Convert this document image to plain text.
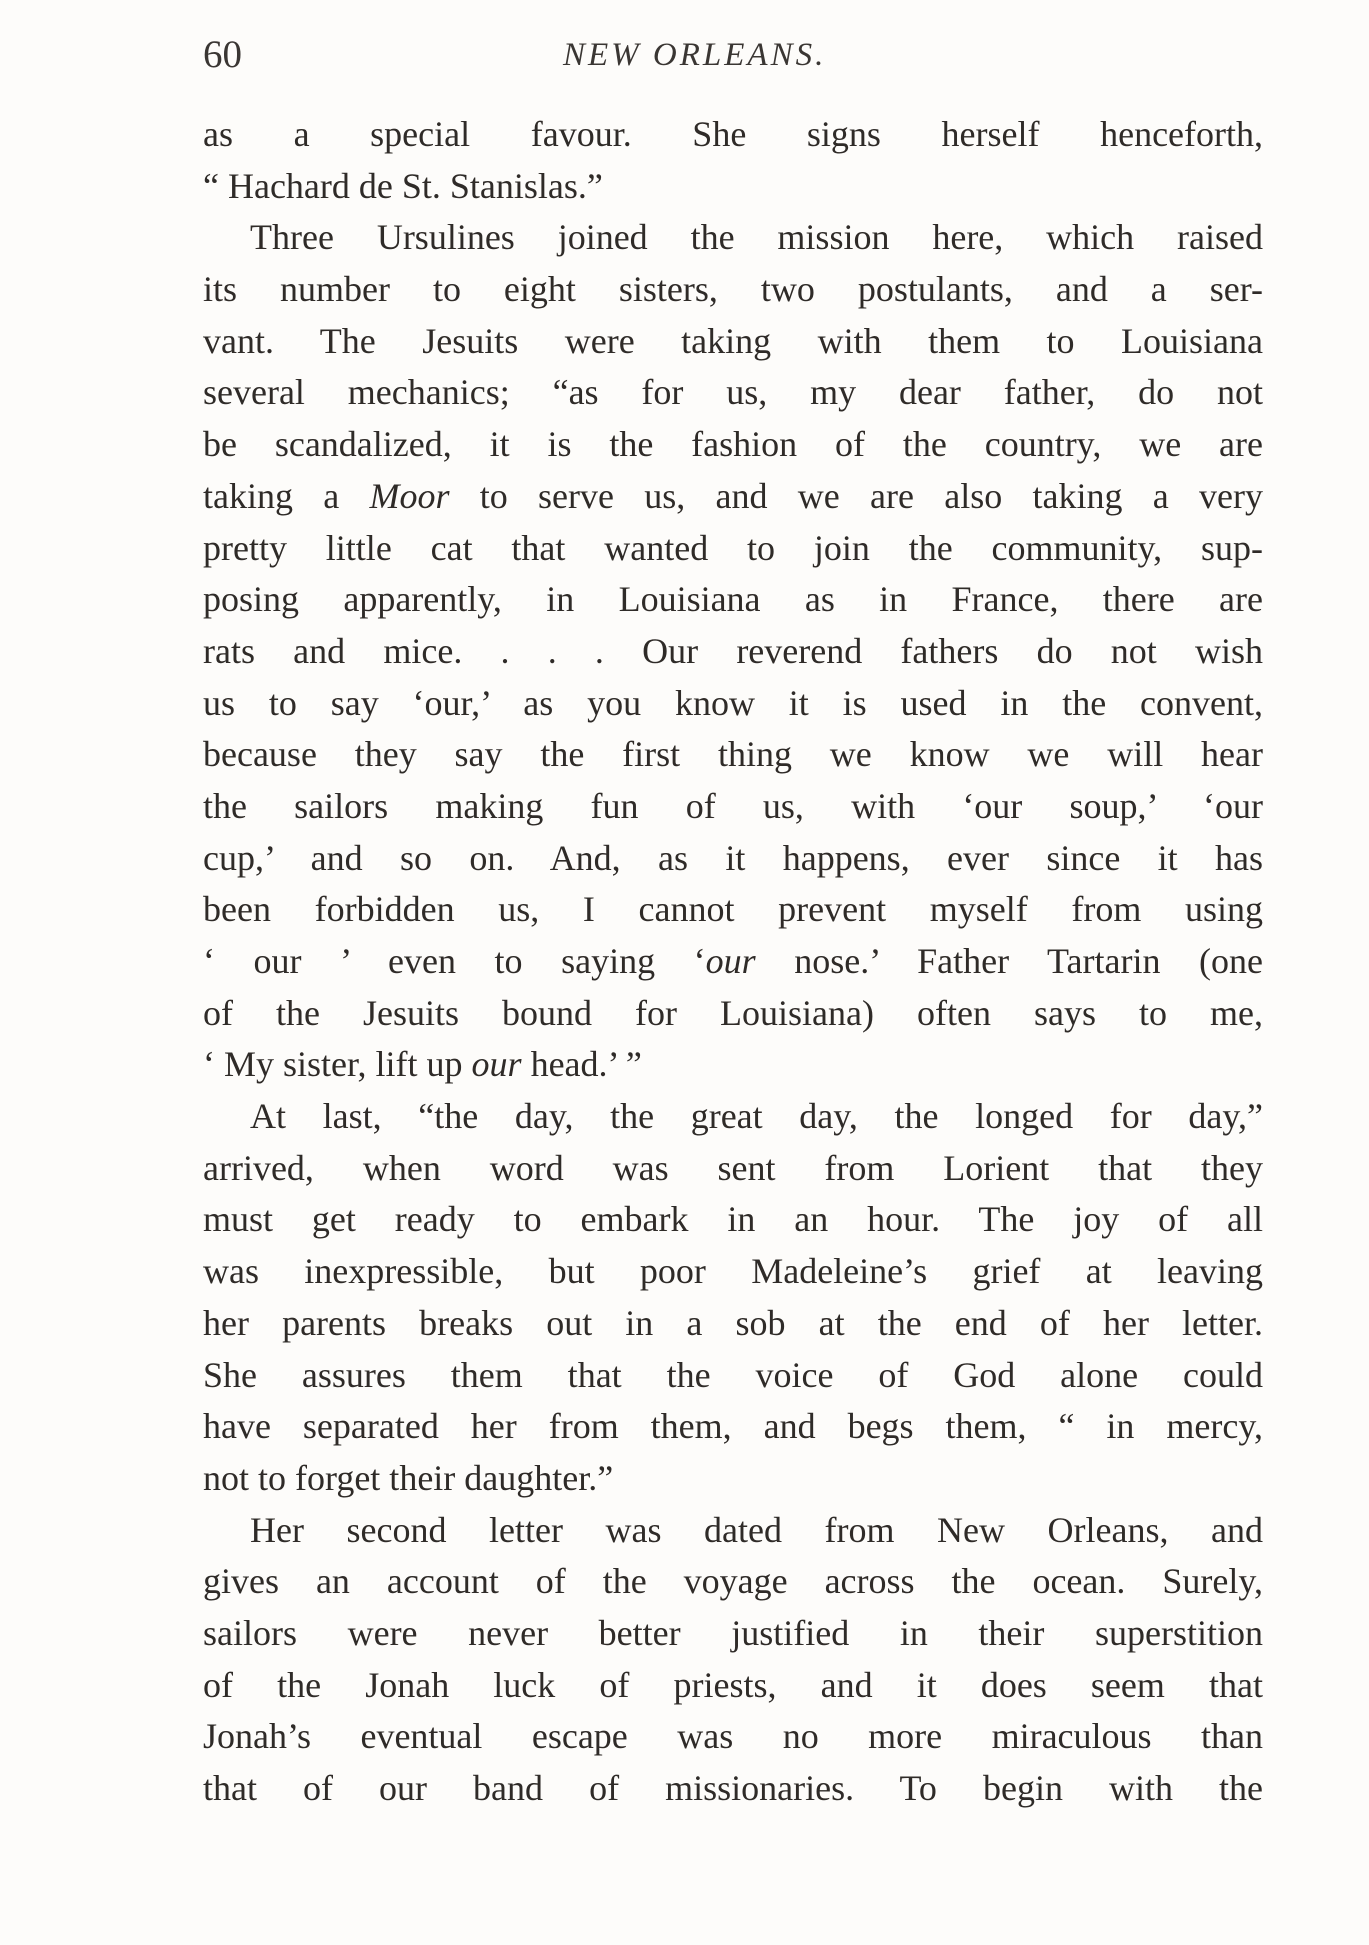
60	NEW ORLEANS.
as a special favour. She signs herself henceforth,
“ Hachard de St. Stanislas.”
Three Ursulines joined the mission here, which raised
its number to eight sisters, two postulants, and a ser-
vant. The Jesuits were taking with them to Louisiana
several mechanics; “as for us, my dear father, do not
be scandalized, it is the fashion of the country, we are
taking a Moor to serve us, and we are also taking a very
pretty little cat that wanted to join the community, sup-
posing apparently, in Louisiana as in France, there are
rats and mice. . . . Our reverend fathers do not wish
us to say ‘our,’ as you know it is used in the convent,
because they say the first thing we know we will hear
the sailors making fun of us, with ‘our soup,’ ‘our
cup,’ and so on. And, as it happens, ever since it has
been forbidden us, I cannot prevent myself from using
‘ our ’ even to saying ‘our nose.’ Father Tartarin (one
of the Jesuits bound for Louisiana) often says to me,
‘ My sister, lift up our head.’ ”
At last, “the day, the great day, the longed for day,”
arrived, when word was sent from Lorient that they
must get ready to embark in an hour. The joy of all
was inexpressible, but poor Madeleine’s grief at leaving
her parents breaks out in a sob at the end of her letter.
She assures them that the voice of God alone could
have separated her from them, and begs them, “ in mercy,
not to forget their daughter.”
Her second letter was dated from New Orleans, and
gives an account of the voyage across the ocean. Surely,
sailors were never better justified in their superstition
of the Jonah luck of priests, and it does seem that
Jonah’s eventual escape was no more miraculous than
that of our band of missionaries. To begin with the
